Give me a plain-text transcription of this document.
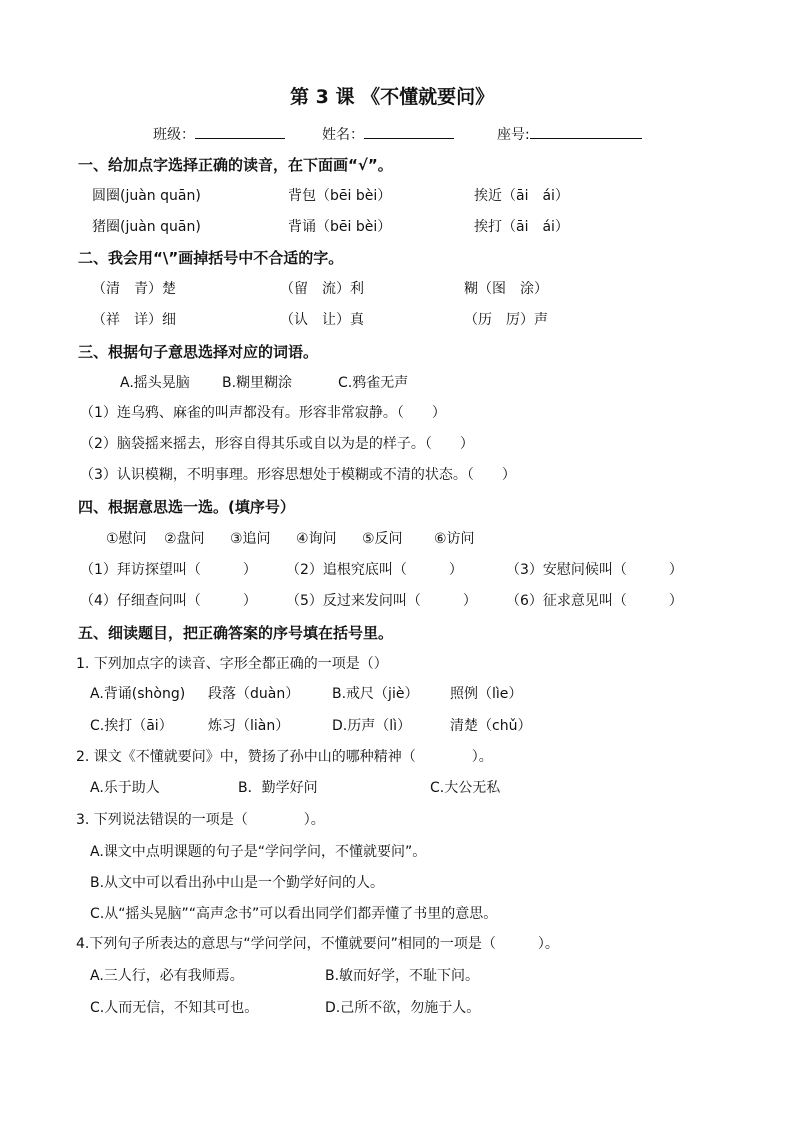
第 3 课 《不懂就要问》
班级：	姓名：	座号:
一、给加点字选择正确的读音，在下面画“√”。
圆圈(juàn quān)	背包（bēi bèi）	挨近（āi　ái）
猪圈(juàn quān)	背诵（bēi bèi）	挨打（āi　ái）
二、我会用“\”画掉括号中不合适的字。
（清　青）楚	（留　流）利	糊（图　涂）
（祥　详）细	（认　让）真	（历　厉）声
三、根据句子意思选择对应的词语。
A.摇头晃脑 B.糊里糊涂	C.鸦雀无声
（1）连乌鸦、麻雀的叫声都没有。形容非常寂静。（　　）
（2）脑袋摇来摇去，形容自得其乐或自以为是的样子。（　　）
（3）认识模糊，不明事理。形容思想处于模糊或不清的状态。（　　）
四、根据意思选一选。(填序号）
①慰问 ②盘问 ③追问 ④询问 ⑤反问 ⑥访问
（1）拜访探望叫（　　　） （2）追根究底叫（　　　）	（3）安慰问候叫（　　　）
（4）仔细查问叫（　　　） （5）反过来发问叫（　　　） （6）征求意见叫（　　　）
五、细读题目，把正确答案的序号填在括号里。
1. 下列加点字的读音、字形全都正确的一项是（）
A.背诵(shòng) 段落（duàn） B.戒尺（jiè） 照例（lìe）
C.挨打（āi）	炼习（liàn）	D.历声（lì）	清楚（chǔ）
2. 课文《不懂就要问》中，赞扬了孙中山的哪种精神（　　　　）。
A.乐于助人	B．勤学好问	C.大公无私
3. 下列说法错误的一项是（　　　　）。
A.课文中点明课题的句子是“学问学问，不懂就要问”。
B.从文中可以看出孙中山是一个勤学好问的人。
C.从“摇头晃脑”“高声念书”可以看出同学们都弄懂了书里的意思。
4.下列句子所表达的意思与“学问学问，不懂就要问”相同的一项是（　　　）。
A.三人行，必有我师焉。	B.敏而好学，不耻下问。
C.人而无信，不知其可也。	D.己所不欲，勿施于人。
